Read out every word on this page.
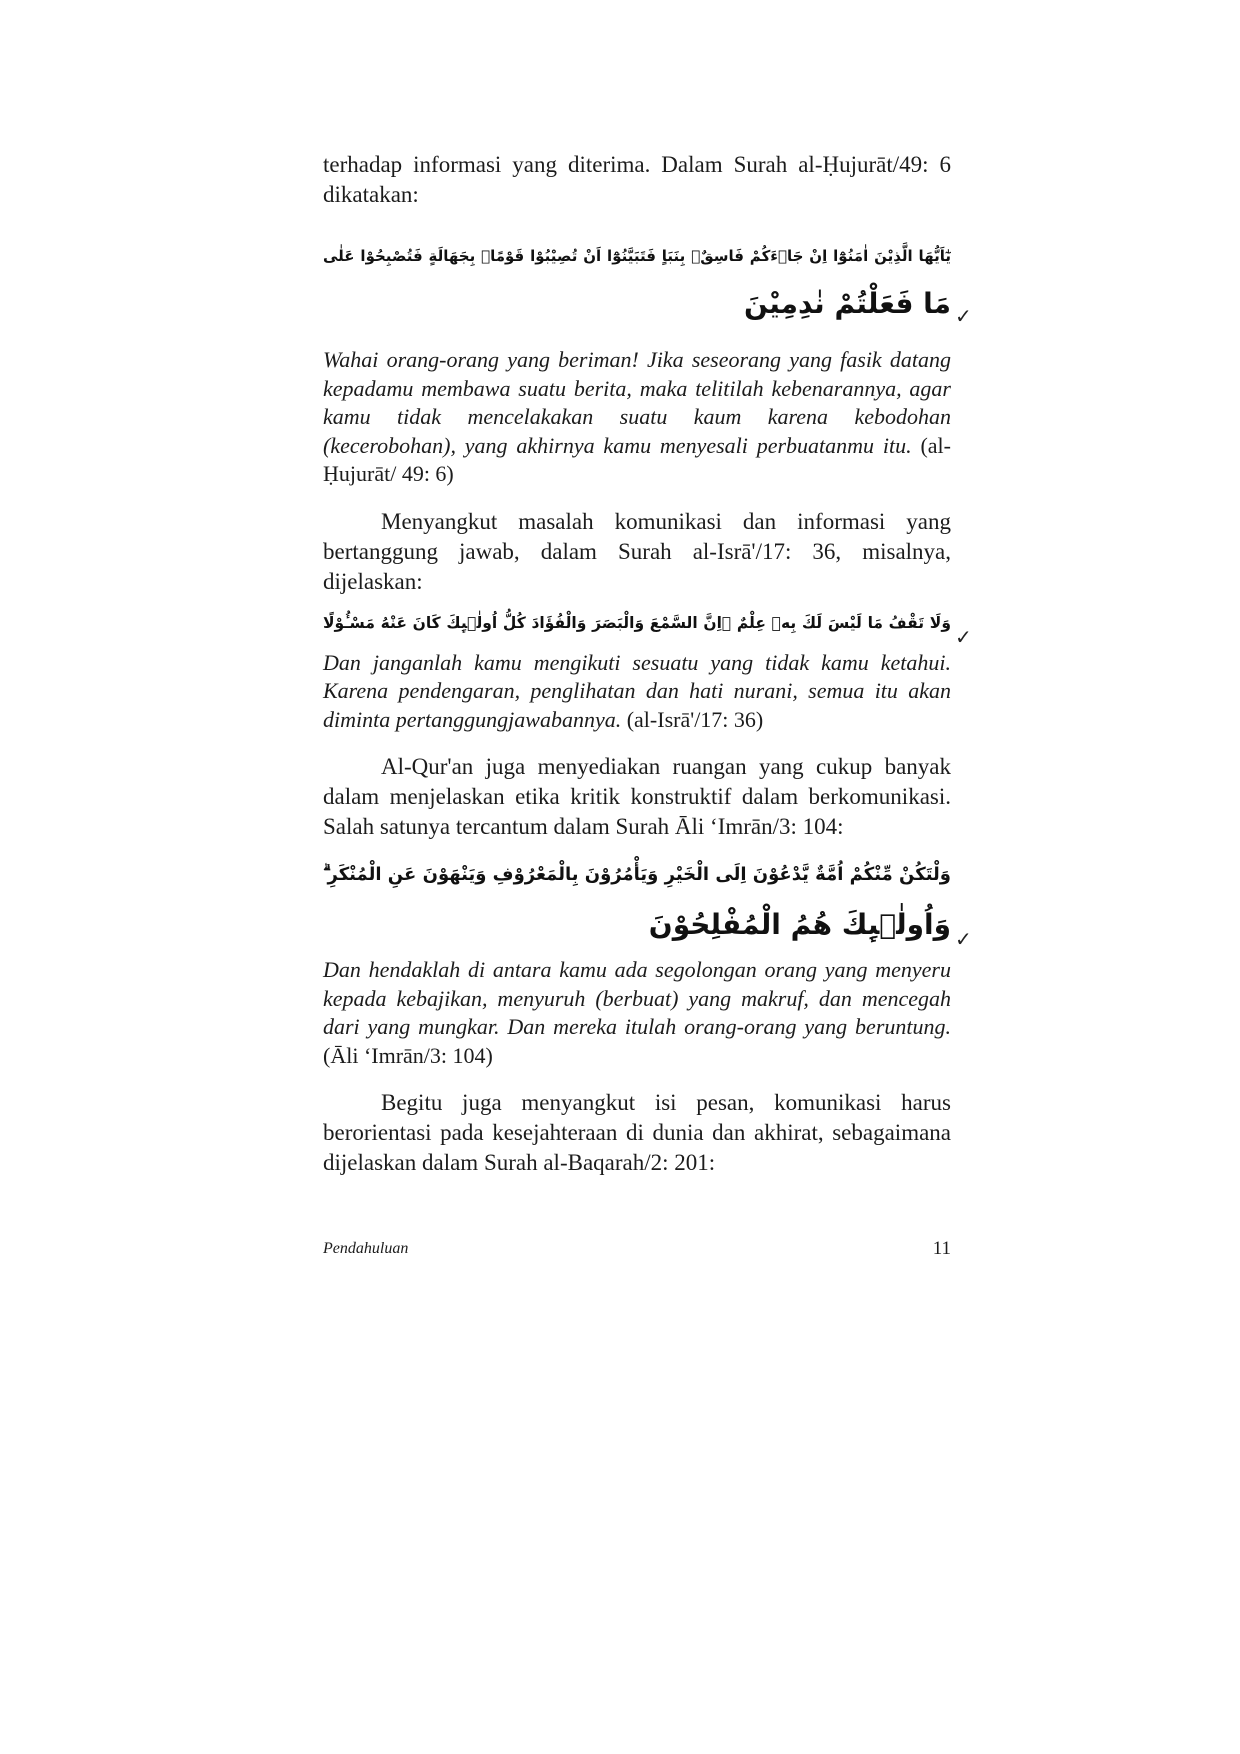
terhadap informasi yang diterima. Dalam Surah al-Ḥujurāt/49: 6 dikatakan:

يٰٓاَيُّهَا الَّذِيْنَ اٰمَنُوْٓا اِنْ جَاۤءَكُمْ فَاسِقٌۢ بِنَبَاٍ فَتَبَيَّنُوْٓا اَنْ تُصِيْبُوْا قَوْمًاۢ بِجَهَالَةٍ فَتُصْبِحُوْا عَلٰى
مَا فَعَلْتُمْ نٰدِمِيْنَ ✓

Wahai orang-orang yang beriman! Jika seseorang yang fasik datang kepadamu membawa suatu berita, maka telitilah kebenarannya, agar kamu tidak mencelakakan suatu kaum karena kebodohan (kecerobohan), yang akhirnya kamu menyesali perbuatanmu itu. (al-Ḥujurāt/ 49: 6)

Menyangkut masalah komunikasi dan informasi yang bertanggung jawab, dalam Surah al-Isrā'/17: 36, misalnya, dijelaskan:

وَلَا تَقْفُ مَا لَيْسَ لَكَ بِهٖ عِلْمٌ ۗاِنَّ السَّمْعَ وَالْبَصَرَ وَالْفُؤَادَ كُلُّ اُولٰۤىِٕكَ كَانَ عَنْهُ مَسْـُٔوْلًا
✓

Dan janganlah kamu mengikuti sesuatu yang tidak kamu ketahui. Karena pendengaran, penglihatan dan hati nurani, semua itu akan diminta pertanggungjawabannya. (al-Isrā'/17: 36)

Al-Qur'an juga menyediakan ruangan yang cukup banyak dalam menjelaskan etika kritik konstruktif dalam berkomunikasi. Salah satunya tercantum dalam Surah Āli ‘Imrān/3: 104:

وَلْتَكُنْ مِّنْكُمْ اُمَّةٌ يَّدْعُوْنَ اِلَى الْخَيْرِ وَيَأْمُرُوْنَ بِالْمَعْرُوْفِ وَيَنْهَوْنَ عَنِ الْمُنْكَرِ ۗ
وَاُولٰۤىِٕكَ هُمُ الْمُفْلِحُوْنَ ✓

Dan hendaklah di antara kamu ada segolongan orang yang menyeru kepada kebajikan, menyuruh (berbuat) yang makruf, dan mencegah dari yang mungkar. Dan mereka itulah orang-orang yang beruntung. (Āli ‘Imrān/3: 104)

Begitu juga menyangkut isi pesan, komunikasi harus berorientasi pada kesejahteraan di dunia dan akhirat, sebagaimana dijelaskan dalam Surah al-Baqarah/2: 201:

Pendahuluan	11
